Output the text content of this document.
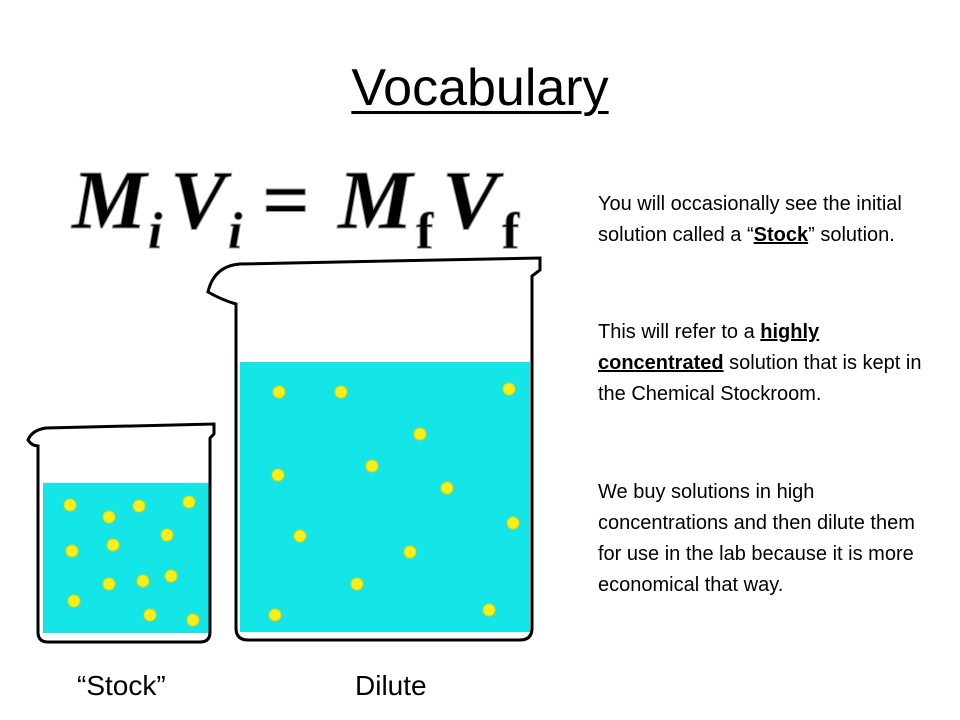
Vocabulary
M i V i = M f V f	You will occasionally see the initial solution called a “Stock” solution.
This will refer to a highly concentrated solution that is kept in the Chemical Stockroom.
We buy solutions in high concentrations and then dilute them for use in the lab because it is more economical that way.
“Stock”	Dilute
